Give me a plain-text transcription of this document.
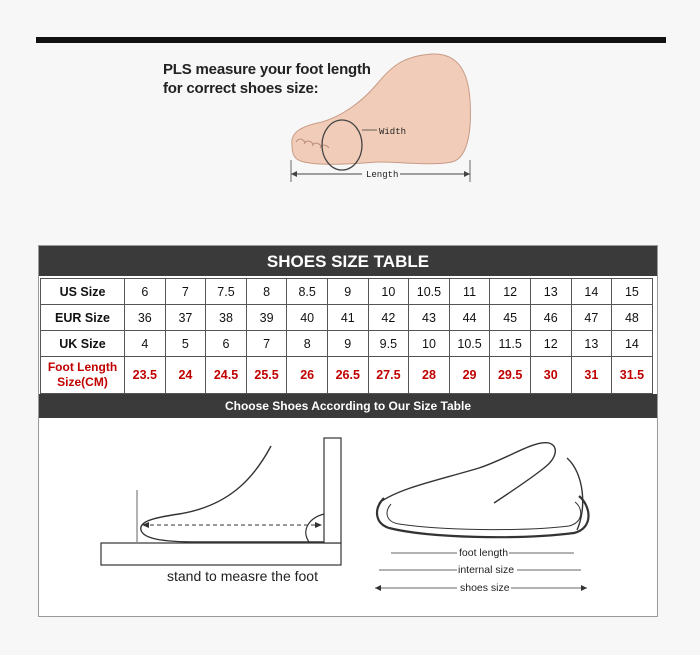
PLS measure your foot length
for correct shoes size:
Width
Length
SHOES SIZE TABLE
US Size	6	7	7.5	8	8.5	9	10	10.5	11	12	13	14	15
EUR Size	36	37	38	39	40	41	42	43	44	45	46	47	48
UK Size	4	5	6	7	8	9	9.5	10	10.5	11.5	12	13	14

Foot Length
Size(CM)	23.5	24	24.5	25.5	26	26.5	27.5	28	29	29.5	30	31	31.5
Choose Shoes According to Our Size Table
stand to measre the foot
foot length
internal size
shoes size
